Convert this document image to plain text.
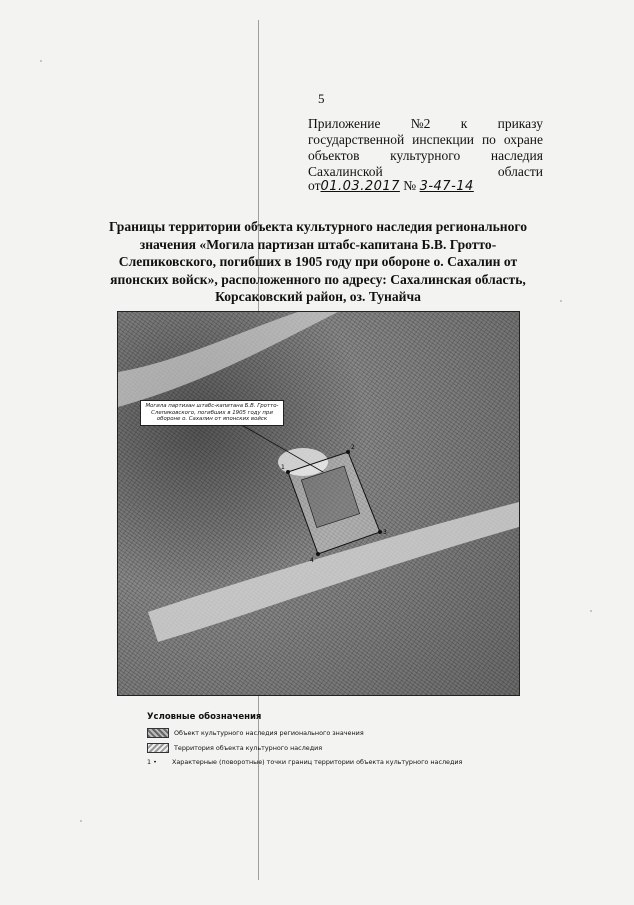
5
Приложение №2 к приказу
государственной инспекции по охране
объектов культурного наследия
Сахалинской	области
от01.03.2017 № 3-47-14
Границы территории объекта культурного наследия регионального значения «Могила партизан штабс-капитана Б.В. Гротто-Слепиковского, погибших в 1905 году при обороне о. Сахалин от японских войск», расположенного по адресу: Сахалинская область, Корсаковский район, оз. Тунайча
1
2
3
4
Могила партизан штабс-капитана Б.В. Гротто-Слепиковского, погибших в 1905 году при обороне о. Сахалин от японских войск
Условные обозначения
Объект культурного наследия регионального значения
Территория объекта культурного наследия
1 •	Характерные (поворотные) точки границ территории объекта культурного наследия
